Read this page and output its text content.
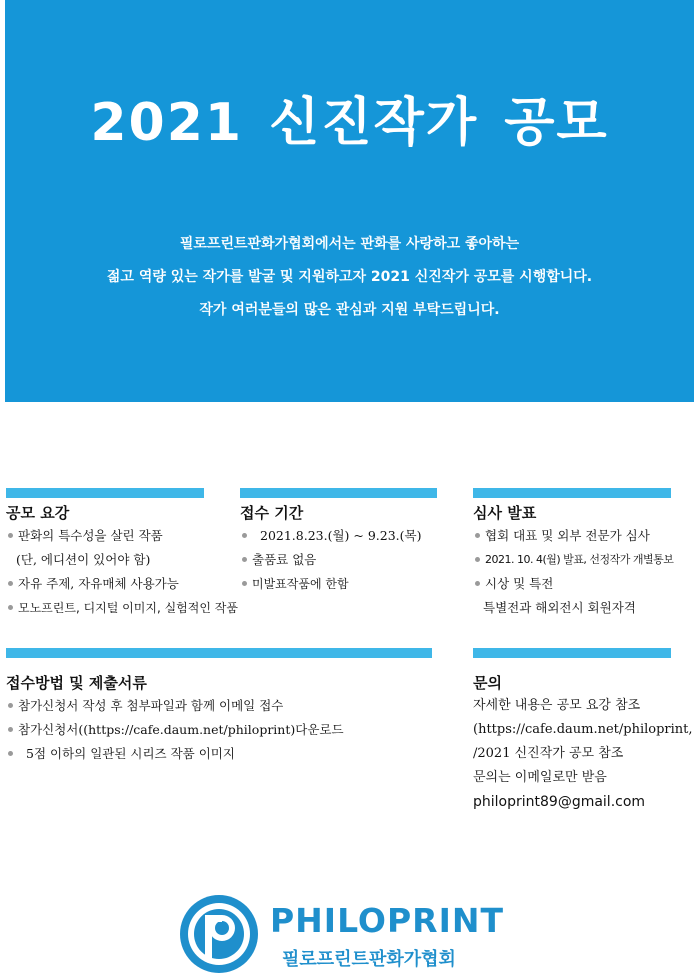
2021 신진작가 공모
필로프린트판화가협회에서는 판화를 사랑하고 좋아하는
젊고 역량 있는 작가를 발굴 및 지원하고자 2021 신진작가 공모를 시행합니다.
작가 여러분들의 많은 관심과 지원 부탁드립니다.
공모 요강
판화의 특수성을 살린 작품
(단, 에디션이 있어야 함)
자유 주제, 자유매체 사용가능
모노프린트, 디지털 이미지, 실험적인 작품
접수 기간
2021.8.23.(월) ~ 9.23.(목)
출품료 없음
미발표작품에 한함
심사 발표
협회 대표 및 외부 전문가 심사
2021. 10. 4(월) 발표, 선정작가 개별통보
시상 및 특전
특별전과 해외전시 회원자격
접수방법 및 제출서류
참가신청서 작성 후 첨부파일과 함께 이메일 접수
참가신청서((https://cafe.daum.net/philoprint)다운로드
5점 이하의 일관된 시리즈 작품 이미지
문의
자세한 내용은 공모 요강 참조
(https://cafe.daum.net/philoprint,
/2021 신진작가 공모 참조
문의는 이메일로만 받음
philoprint89@gmail.com
PHILOPRINT
필로프린트판화가협회
